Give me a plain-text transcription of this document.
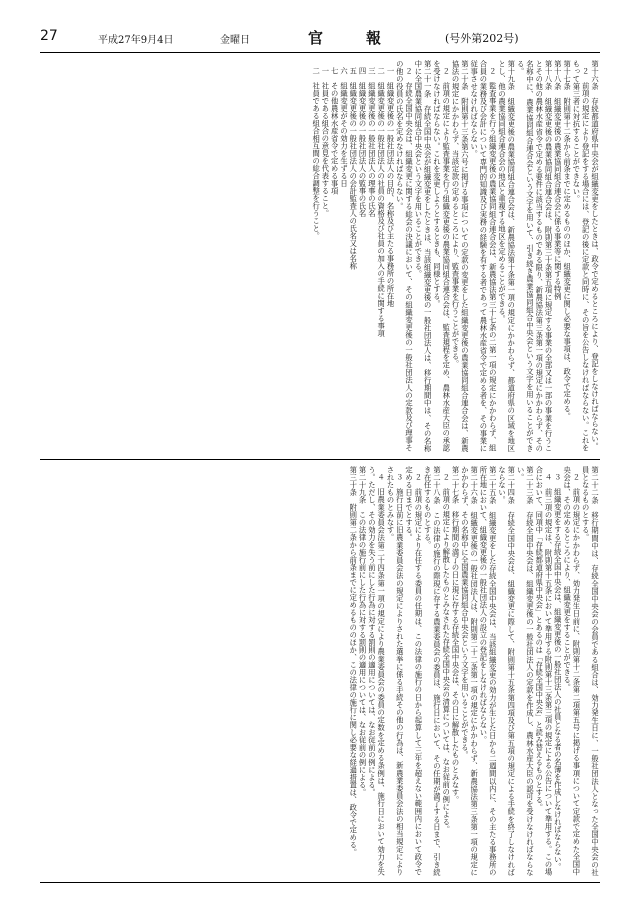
27	平成27年9月4日	金曜日	官　報	(号外第202号)

第十六条　存続都道府県中央会が組織変更をしたときは、政令で定めるところにより、登記をしなければならない。

２　前項の規定により登記をする場合には、登記の後に定款と同時に、その旨を公告しなければならない。これをもって第三者に対抗することができない。

第十七条　附則第十二条から前条までに定めるもののほか、組織変更に関し必要な事項は、政令で定める。

第十八条　組織変更後の農業協同組合連合会に係る事業等に関する特例

第十八条　組織変更後の農業協同組合連合会は、附則第三十条第五項に規定する事業の全部又は一部の事業を行うことその他の農林水産省令で定める要件に該当するものである限り、新農協法第三条第一項の規定にかかわらず、その名称中に、農業協同組合連合会という文字を用いて、引き続き農業協同組合中央会という文字を用いることができる。

第十九条　組織変更後の農業協同組合連合会は、新農協法第十条第一項の規定にかかわらず、都道府県の区域を地区とし、他の農業協同組合連合会の地区と重複する地区を定めることができる。

２　監査事業を行う組織変更後の農業協同組合連合会は、新農協法第三十七条の二第一項の規定にかかわらず、組合員の業務及び会計について専門的知識及び実務の経験を有する者であって農林水産省令で定める者を、その事業に従事させなければならない。

第二十条　附則第十三条第六号に掲げる事項についての定款の変更をした組織変更後の農業協同組合連合会は、新農協法の規定にかかわらず、当該定款の定めるところにより、監査事業を行うことができる。

２　前項の規定により監査事業を行う組織変更後の農業協同組合連合会は、監査規程を定め、農林水産大臣の承認を受けなければならない。これを変更しようとするときも、同様とする。

第二十一条　存続全国中央会が組織変更をしたときは、当該組織変更後の一般社団法人は、移行期間中は、その名称中に全国農業協同組合中央会という文字を用いることができる。

２　存続全国中央会は、組織変更に関する総会の決議において、その組織変更後の一般社団法人の定款及び理事その他の役員の氏名を定めなければならない。

一　組織変更後の一般社団法人の目的、名称及び主たる事務所の所在地

二　組織変更後の一般社団法人の社員の資格及び社員の加入の手続に関する事項

三　組織変更後の一般社団法人の理事の氏名

四　組織変更後の一般社団法人の監事の氏名

五　組織変更後の一般社団法人の会計監査人の氏名又は名称

六　組織変更がその効力を生ずる日

七　その他農林水産省令で定める事項

一　社員である組合の意見を代表すること。

二　社員である組合相互間の総合調整を行うこと。

第二十二条　移行期間中は、存続全国中央会の会員である組合は、効力発生日に、一般社団法人となった全国中央会の社員となるものとする。

２　前項の規定にかかわらず、効力発生日前に、附則第十二条第二項第五号に掲げる事項について定款で定めた全国中央会は、その定めるところにより、組織変更をすることができる。

３　組織変更をする存続全国中央会は、組織変更後の一般社団法人の社員となる者の名簿を作成しなければならない。

４　前三項の規定は、附則第十五条において準用する附則第十三条第三項の規定による公告について準用する。この場合において、同項中「存続都道府県中央会」とあるのは「存続全国中央会」と読み替えるものとする。

第二十三条　存続全国中央会は、組織変更後の一般社団法人の定款を作成し、農林水産大臣の認可を受けなければならない。

第二十四条　存続全国中央会は、組織変更に際して、附則第十五条第四項及び第五項の規定による手続を終了しなければならない。

第二十五条　組織変更をした存続全国中央会は、当該組織変更の効力が生じた日から二週間以内に、その主たる事務所の所在地において、組織変更後の一般社団法人の設立の登記をしなければならない。

第二十六条　組織変更後の一般社団法人は、附則第二十二条第一項の規定にかかわらず、新農協法第三条第一項の規定にかかわらず、その名称中に全国農業協同組合中央会という文字を用いることができる。

第二十七条　移行期間の満了の日に現に存する存続全国中央会は、その日に解散したものとみなす。

２　前項の規定により解散したものとみなされた存続全国中央会の清算については、なお従前の例による。

第二十八条　この法律の施行の際現に存する農業委員会の委員は、施行日において、その任期が満了する日まで、引き続き在任するものとする。

２　前項の規定により在任する委員の任期は、この法律の施行の日から起算して三年を超えない範囲内において政令で定める日までとする。

３　施行日前に旧農業委員会法の規定によりされた選挙に係る手続その他の行為は、新農業委員会法の相当規定によりされたものとみなす。

４　旧農業委員会法第二十四条第一項の規定により農業委員会の委員の定数を定める条例は、施行日において効力を失う。ただし、その効力を失う前にした行為に対する罰則の適用については、なお従前の例による。

第二十九条　この法律の施行前にした行為に対する罰則の適用については、なお従前の例による。

第三十条　附則第二条から前条までに定めるもののほか、この法律の施行に関し必要な経過措置は、政令で定める。
